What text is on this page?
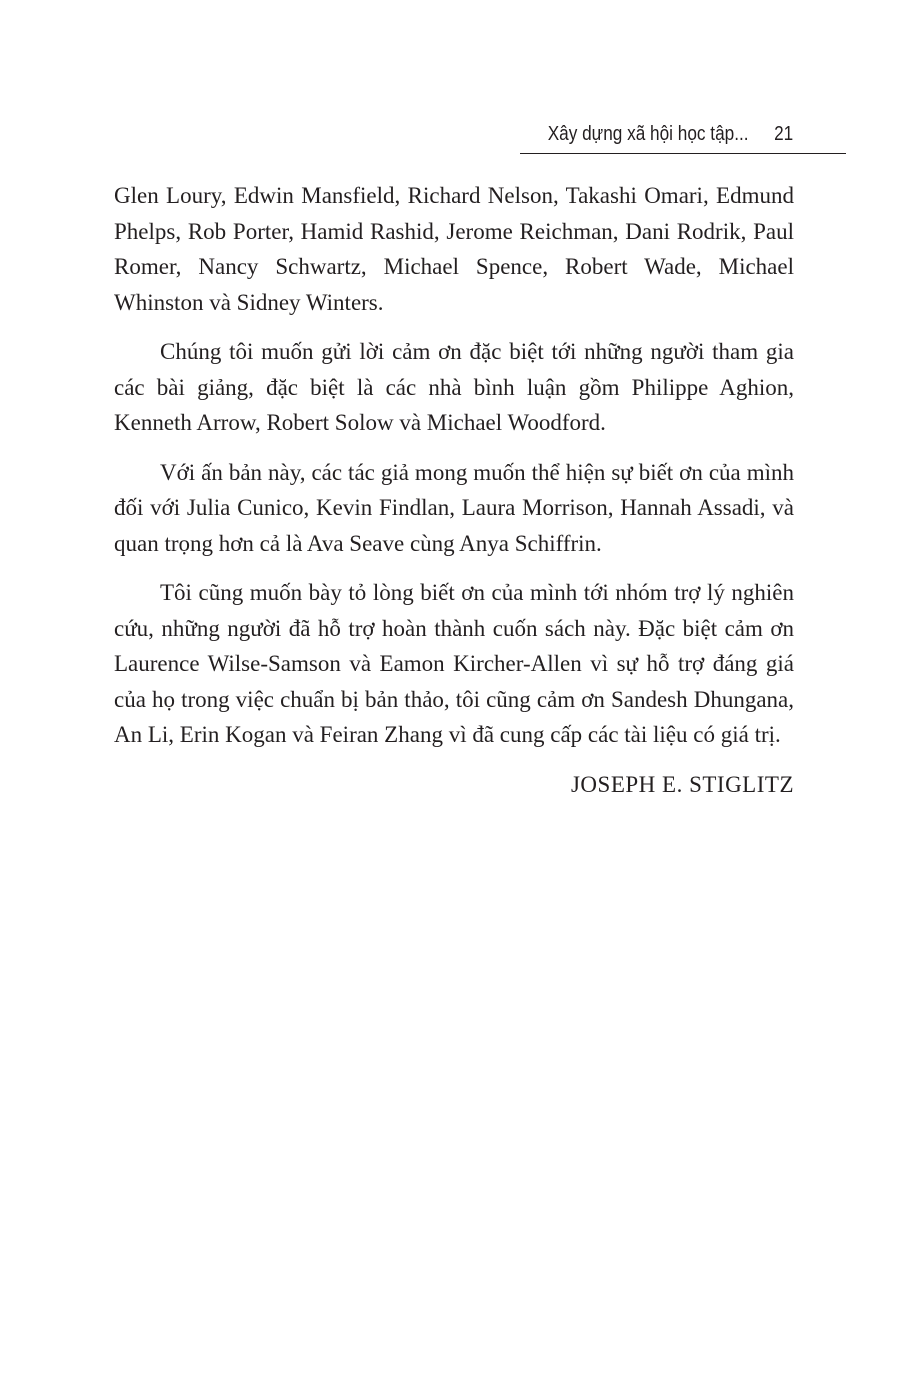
Xây dựng xã hội học tập... 21

Glen Loury, Edwin Mansfield, Richard Nelson, Takashi Omari, Edmund Phelps, Rob Porter, Hamid Rashid, Jerome Reichman, Dani Rodrik, Paul Romer, Nancy Schwartz, Michael Spence, Robert Wade, Michael Whinston và Sidney Winters.

Chúng tôi muốn gửi lời cảm ơn đặc biệt tới những người tham gia các bài giảng, đặc biệt là các nhà bình luận gồm Philippe Aghion, Kenneth Arrow, Robert Solow và Michael Woodford.

Với ấn bản này, các tác giả mong muốn thể hiện sự biết ơn của mình đối với Julia Cunico, Kevin Findlan, Laura Morrison, Hannah Assadi, và quan trọng hơn cả là Ava Seave cùng Anya Schiffrin.

Tôi cũng muốn bày tỏ lòng biết ơn của mình tới nhóm trợ lý nghiên cứu, những người đã hỗ trợ hoàn thành cuốn sách này. Đặc biệt cảm ơn Laurence Wilse-Samson và Eamon Kircher-Allen vì sự hỗ trợ đáng giá của họ trong việc chuẩn bị bản thảo, tôi cũng cảm ơn Sandesh Dhungana, An Li, Erin Kogan và Feiran Zhang vì đã cung cấp các tài liệu có giá trị.

JOSEPH E. STIGLITZ
